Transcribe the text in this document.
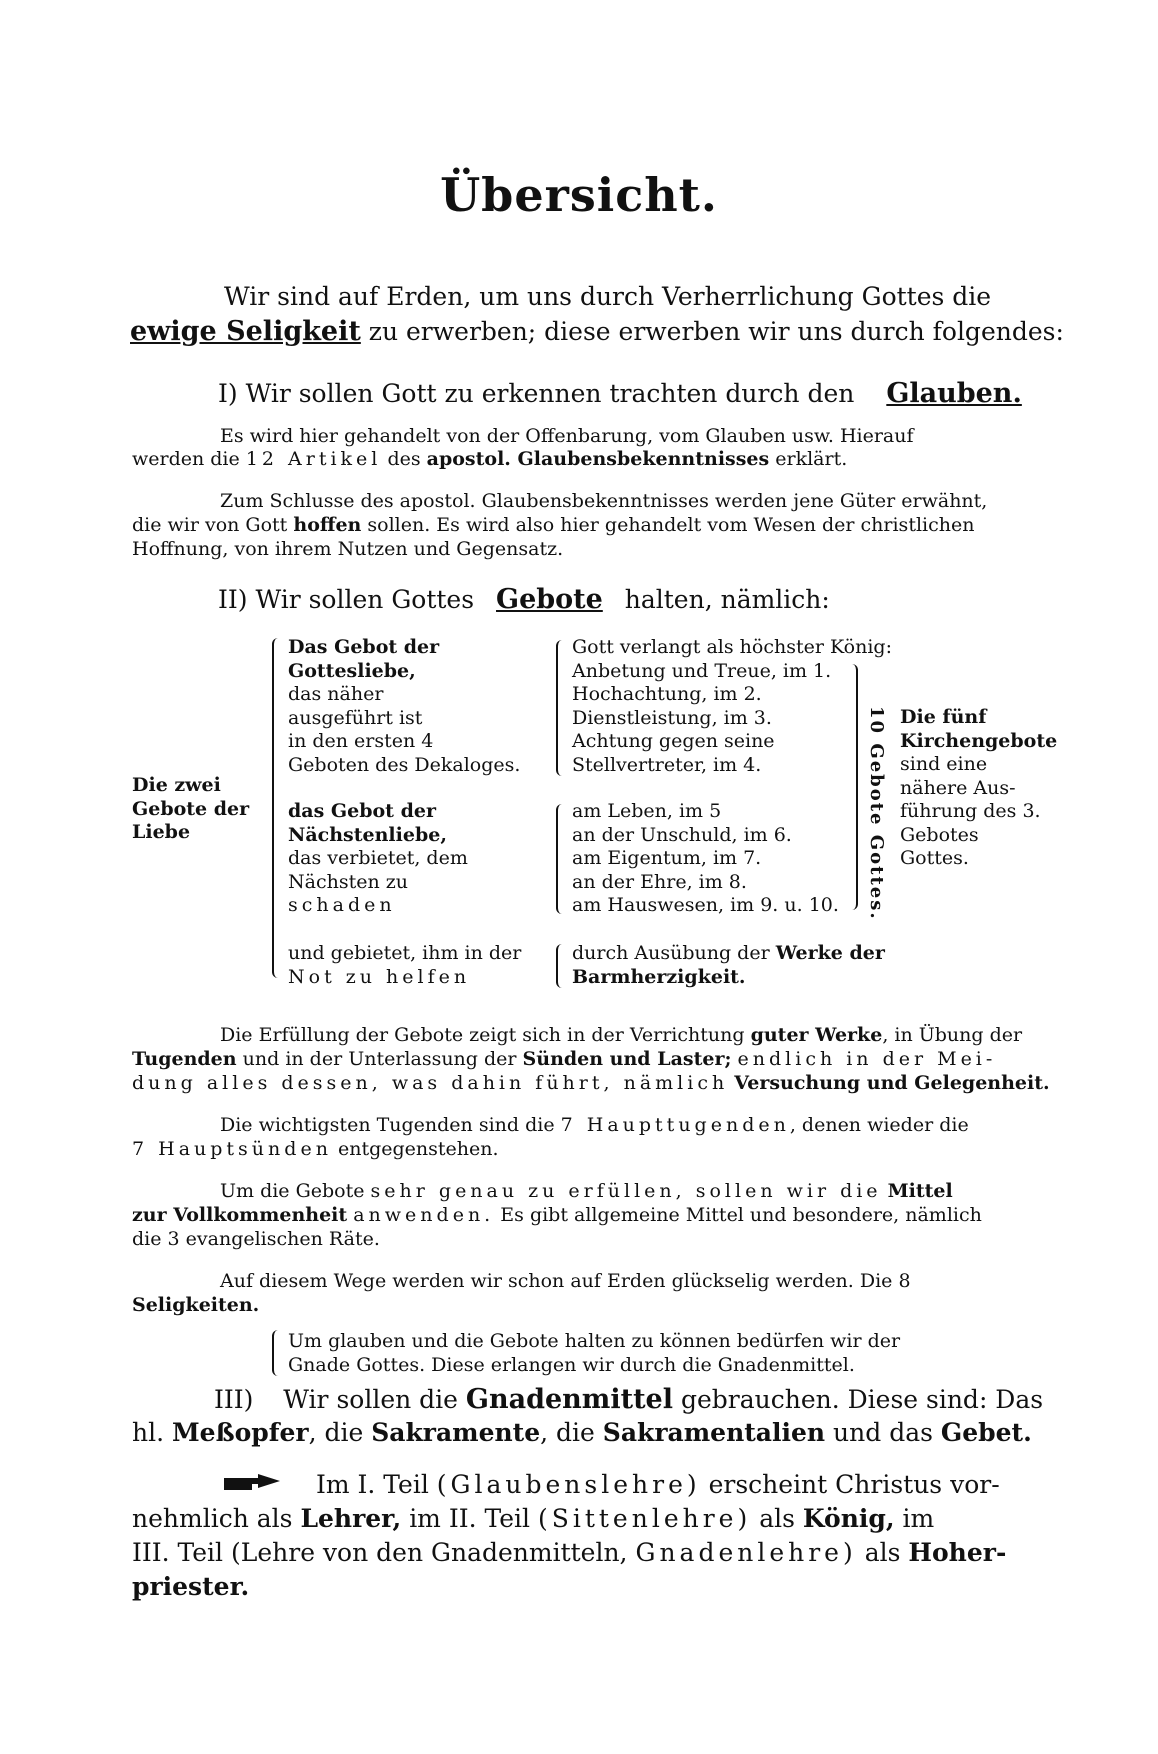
Übersicht.
Wir sind auf Erden, um uns durch Verherrlichung Gottes die
ewige Seligkeit zu erwerben; diese erwerben wir uns durch folgendes:
I) Wir sollen Gott zu erkennen trachten durch den Glauben.
Es wird hier gehandelt von der Offenbarung, vom Glauben usw. Hierauf
werden die 12 Artikel des apostol. Glaubensbekenntnisses erklärt.
Zum Schlusse des apostol. Glaubensbekenntnisses werden jene Güter erwähnt,
die wir von Gott hoffen sollen. Es wird also hier gehandelt vom Wesen der christlichen
Hoffnung, von ihrem Nutzen und Gegensatz.
II) Wir sollen Gottes Gebote halten, nämlich:
Die zwei
Gebote der
Liebe
Das Gebot der
Gottesliebe,
das näher
ausgeführt ist
in den ersten 4
Geboten des Dekaloges.
das Gebot der
Nächstenliebe,
das verbietet, dem
Nächsten zu
schaden
und gebietet, ihm in der
Not zu helfen
Gott verlangt als höchster König:
Anbetung und Treue, im 1.
Hochachtung, im 2.
Dienstleistung, im 3.
Achtung gegen seine
Stellvertreter, im 4.
am Leben, im 5
an der Unschuld, im 6.
am Eigentum, im 7.
an der Ehre, im 8.
am Hauswesen, im 9. u. 10.
durch Ausübung der Werke der
Barmherzigkeit.
10 Gebote Gottes. Die fünf
Kirchengebote
sind eine
nähere Aus-
führung des 3.
Gebotes
Gottes.
Die Erfüllung der Gebote zeigt sich in der Verrichtung guter Werke, in Übung der
Tugenden und in der Unterlassung der Sünden und Laster; endlich in der Mei-
dung alles dessen, was dahin führt, nämlich Versuchung und Gelegenheit.
Die wichtigsten Tugenden sind die 7 Haupttugenden, denen wieder die
7 Hauptsünden entgegenstehen.
Um die Gebote sehr genau zu erfüllen, sollen wir die Mittel
zur Vollkommenheit anwenden. Es gibt allgemeine Mittel und besondere, nämlich
die 3 evangelischen Räte.
Auf diesem Wege werden wir schon auf Erden glückselig werden. Die 8
Seligkeiten.
Um glauben und die Gebote halten zu können bedürfen wir der
Gnade Gottes. Diese erlangen wir durch die Gnadenmittel.
III) Wir sollen die Gnadenmittel gebrauchen. Diese sind: Das
hl. Meßopfer, die Sakramente, die Sakramentalien und das Gebet.
Im I. Teil (Glaubenslehre) erscheint Christus vor-
nehmlich als Lehrer, im II. Teil (Sittenlehre) als König, im
III. Teil (Lehre von den Gnadenmitteln, Gnadenlehre) als Hoher-
priester.
